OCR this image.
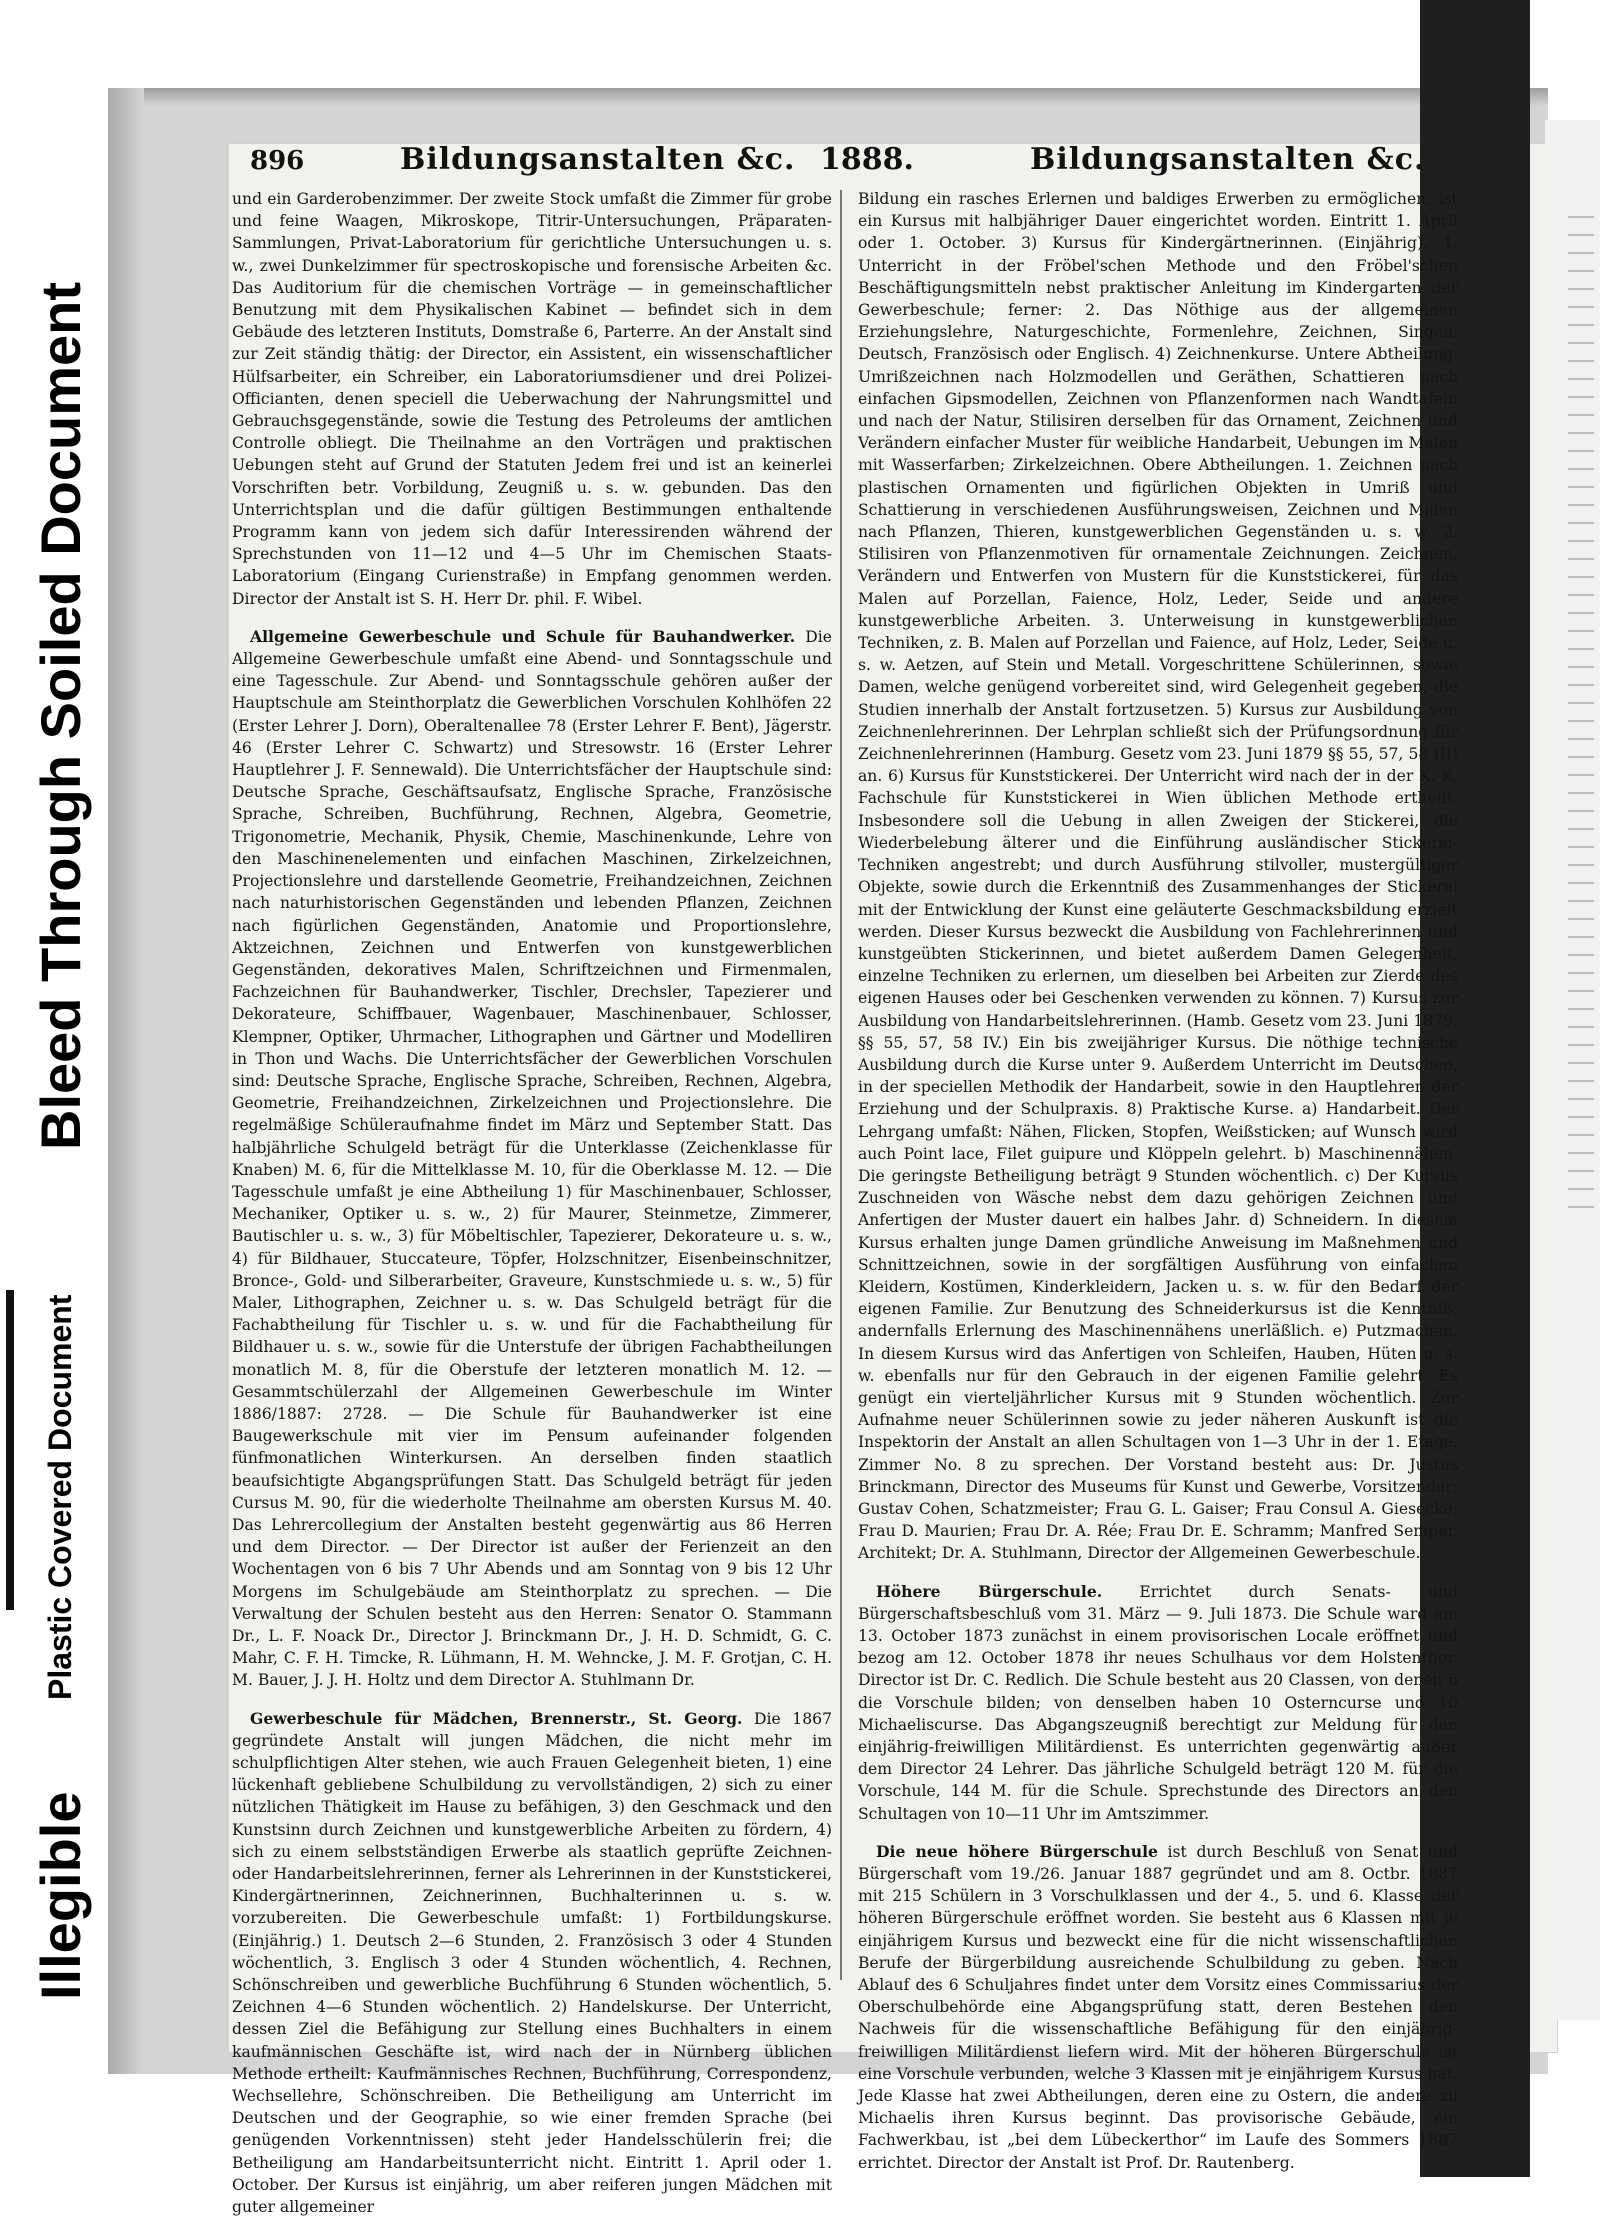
Illegible
Bleed Through Soiled Document
Plastic Covered Document
896	Bildungsanstalten &c. 1888.	Bildungsanstalten &c.

und ein Garderobenzimmer. Der zweite Stock umfaßt die Zimmer für grobe und feine Waagen, Mikroskope, Titrir-Untersuchungen, Präparaten-Sammlungen, Privat-Laboratorium für gerichtliche Untersuchungen u. s. w., zwei Dunkelzimmer für spectroskopische und forensische Arbeiten &c. Das Auditorium für die chemischen Vorträge — in gemeinschaftlicher Benutzung mit dem Physikalischen Kabinet — befindet sich in dem Gebäude des letzteren Instituts, Domstraße 6, Parterre. An der Anstalt sind zur Zeit ständig thätig: der Director, ein Assistent, ein wissenschaftlicher Hülfsarbeiter, ein Schreiber, ein Laboratoriumsdiener und drei Polizei-Officianten, denen speciell die Ueberwachung der Nahrungsmittel und Gebrauchsgegenstände, sowie die Testung des Petroleums der amtlichen Controlle obliegt. Die Theilnahme an den Vorträgen und praktischen Uebungen steht auf Grund der Statuten Jedem frei und ist an keinerlei Vorschriften betr. Vorbildung, Zeugniß u. s. w. gebunden. Das den Unterrichtsplan und die dafür gültigen Bestimmungen enthaltende Programm kann von jedem sich dafür Interessirenden während der Sprechstunden von 11—12 und 4—5 Uhr im Chemischen Staats-Laboratorium (Eingang Curienstraße) in Empfang genommen werden. Director der Anstalt ist S. H. Herr Dr. phil. F. Wibel.

Allgemeine Gewerbeschule und Schule für Bauhandwerker. Die Allgemeine Gewerbeschule umfaßt eine Abend- und Sonntagsschule und eine Tagesschule. Zur Abend- und Sonntagsschule gehören außer der Hauptschule am Steinthorplatz die Gewerblichen Vorschulen Kohlhöfen 22 (Erster Lehrer J. Dorn), Oberaltenallee 78 (Erster Lehrer F. Bent), Jägerstr. 46 (Erster Lehrer C. Schwartz) und Stresowstr. 16 (Erster Lehrer Hauptlehrer J. F. Sennewald). Die Unterrichtsfächer der Hauptschule sind: Deutsche Sprache, Geschäftsaufsatz, Englische Sprache, Französische Sprache, Schreiben, Buchführung, Rechnen, Algebra, Geometrie, Trigonometrie, Mechanik, Physik, Chemie, Maschinenkunde, Lehre von den Maschinenelementen und einfachen Maschinen, Zirkelzeichnen, Projectionslehre und darstellende Geometrie, Freihandzeichnen, Zeichnen nach naturhistorischen Gegenständen und lebenden Pflanzen, Zeichnen nach figürlichen Gegenständen, Anatomie und Proportionslehre, Aktzeichnen, Zeichnen und Entwerfen von kunstgewerblichen Gegenständen, dekoratives Malen, Schriftzeichnen und Firmenmalen, Fachzeichnen für Bauhandwerker, Tischler, Drechsler, Tapezierer und Dekorateure, Schiffbauer, Wagenbauer, Maschinenbauer, Schlosser, Klempner, Optiker, Uhrmacher, Lithographen und Gärtner und Modelliren in Thon und Wachs. Die Unterrichtsfächer der Gewerblichen Vorschulen sind: Deutsche Sprache, Englische Sprache, Schreiben, Rechnen, Algebra, Geometrie, Freihandzeichnen, Zirkelzeichnen und Projectionslehre. Die regelmäßige Schüleraufnahme findet im März und September Statt. Das halbjährliche Schulgeld beträgt für die Unterklasse (Zeichenklasse für Knaben) M. 6, für die Mittelklasse M. 10, für die Oberklasse M. 12. — Die Tagesschule umfaßt je eine Abtheilung 1) für Maschinenbauer, Schlosser, Mechaniker, Optiker u. s. w., 2) für Maurer, Steinmetze, Zimmerer, Bautischler u. s. w., 3) für Möbeltischler, Tapezierer, Dekorateure u. s. w., 4) für Bildhauer, Stuccateure, Töpfer, Holzschnitzer, Eisenbeinschnitzer, Bronce-, Gold- und Silberarbeiter, Graveure, Kunstschmiede u. s. w., 5) für Maler, Lithographen, Zeichner u. s. w. Das Schulgeld beträgt für die Fachabtheilung für Tischler u. s. w. und für die Fachabtheilung für Bildhauer u. s. w., sowie für die Unterstufe der übrigen Fachabtheilungen monatlich M. 8, für die Oberstufe der letzteren monatlich M. 12. — Gesammtschülerzahl der Allgemeinen Gewerbeschule im Winter 1886/1887: 2728. — Die Schule für Bauhandwerker ist eine Baugewerkschule mit vier im Pensum aufeinander folgenden fünfmonatlichen Winterkursen. An derselben finden staatlich beaufsichtigte Abgangsprüfungen Statt. Das Schulgeld beträgt für jeden Cursus M. 90, für die wiederholte Theilnahme am obersten Kursus M. 40. Das Lehrercollegium der Anstalten besteht gegenwärtig aus 86 Herren und dem Director. — Der Director ist außer der Ferienzeit an den Wochentagen von 6 bis 7 Uhr Abends und am Sonntag von 9 bis 12 Uhr Morgens im Schulgebäude am Steinthorplatz zu sprechen. — Die Verwaltung der Schulen besteht aus den Herren: Senator O. Stammann Dr., L. F. Noack Dr., Director J. Brinckmann Dr., J. H. D. Schmidt, G. C. Mahr, C. F. H. Timcke, R. Lühmann, H. M. Wehncke, J. M. F. Grotjan, C. H. M. Bauer, J. J. H. Holtz und dem Director A. Stuhlmann Dr.

Gewerbeschule für Mädchen, Brennerstr., St. Georg. Die 1867 gegründete Anstalt will jungen Mädchen, die nicht mehr im schulpflichtigen Alter stehen, wie auch Frauen Gelegenheit bieten, 1) eine lückenhaft gebliebene Schulbildung zu vervollständigen, 2) sich zu einer nützlichen Thätigkeit im Hause zu befähigen, 3) den Geschmack und den Kunstsinn durch Zeichnen und kunstgewerbliche Arbeiten zu fördern, 4) sich zu einem selbstständigen Erwerbe als staatlich geprüfte Zeichnen- oder Handarbeitslehrerinnen, ferner als Lehrerinnen in der Kunststickerei, Kindergärtnerinnen, Zeichnerinnen, Buchhalterinnen u. s. w. vorzubereiten. Die Gewerbeschule umfaßt: 1) Fortbildungskurse. (Einjährig.) 1. Deutsch 2—6 Stunden, 2. Französisch 3 oder 4 Stunden wöchentlich, 3. Englisch 3 oder 4 Stunden wöchentlich, 4. Rechnen, Schönschreiben und gewerbliche Buchführung 6 Stunden wöchentlich, 5. Zeichnen 4—6 Stunden wöchentlich. 2) Handelskurse. Der Unterricht, dessen Ziel die Befähigung zur Stellung eines Buchhalters in einem kaufmännischen Geschäfte ist, wird nach der in Nürnberg üblichen Methode ertheilt: Kaufmännisches Rechnen, Buchführung, Correspondenz, Wechsellehre, Schönschreiben. Die Betheiligung am Unterricht im Deutschen und der Geographie, so wie einer fremden Sprache (bei genügenden Vorkenntnissen) steht jeder Handelsschülerin frei; die Betheiligung am Handarbeitsunterricht nicht. Eintritt 1. April oder 1. October. Der Kursus ist einjährig, um aber reiferen jungen Mädchen mit guter allgemeiner

Bildung ein rasches Erlernen und baldiges Erwerben zu ermöglichen, ist ein Kursus mit halbjähriger Dauer eingerichtet worden. Eintritt 1. April oder 1. October. 3) Kursus für Kindergärtnerinnen. (Einjährig). 1. Unterricht in der Fröbel'schen Methode und den Fröbel'schen Beschäftigungsmitteln nebst praktischer Anleitung im Kindergarten der Gewerbeschule; ferner: 2. Das Nöthige aus der allgemeinen Erziehungslehre, Naturgeschichte, Formenlehre, Zeichnen, Singen, Deutsch, Französisch oder Englisch. 4) Zeichnenkurse. Untere Abtheilung. Umrißzeichnen nach Holzmodellen und Geräthen, Schattieren nach einfachen Gipsmodellen, Zeichnen von Pflanzenformen nach Wandtafeln und nach der Natur, Stilisiren derselben für das Ornament, Zeichnen und Verändern einfacher Muster für weibliche Handarbeit, Uebungen im Malen mit Wasserfarben; Zirkelzeichnen. Obere Abtheilungen. 1. Zeichnen nach plastischen Ornamenten und figürlichen Objekten in Umriß und Schattierung in verschiedenen Ausführungsweisen, Zeichnen und Malen nach Pflanzen, Thieren, kunstgewerblichen Gegenständen u. s. w. 2. Stilisiren von Pflanzenmotiven für ornamentale Zeichnungen. Zeichnen, Verändern und Entwerfen von Mustern für die Kunststickerei, für das Malen auf Porzellan, Faience, Holz, Leder, Seide und andere kunstgewerbliche Arbeiten. 3. Unterweisung in kunstgewerblichen Techniken, z. B. Malen auf Porzellan und Faience, auf Holz, Leder, Seide u. s. w. Aetzen, auf Stein und Metall. Vorgeschrittene Schülerinnen, sowie Damen, welche genügend vorbereitet sind, wird Gelegenheit gegeben, die Studien innerhalb der Anstalt fortzusetzen. 5) Kursus zur Ausbildung von Zeichnenlehrerinnen. Der Lehrplan schließt sich der Prüfungsordnung für Zeichnenlehrerinnen (Hamburg. Gesetz vom 23. Juni 1879 §§ 55, 57, 58 III) an. 6) Kursus für Kunststickerei. Der Unterricht wird nach der in der K. K. Fachschule für Kunststickerei in Wien üblichen Methode ertheilt. Insbesondere soll die Uebung in allen Zweigen der Stickerei, die Wiederbelebung älterer und die Einführung ausländischer Stickerei-Techniken angestrebt; und durch Ausführung stilvoller, mustergültiger Objekte, sowie durch die Erkenntniß des Zusammenhanges der Stickerei mit der Entwicklung der Kunst eine geläuterte Geschmacksbildung erzielt werden. Dieser Kursus bezweckt die Ausbildung von Fachlehrerinnen und kunstgeübten Stickerinnen, und bietet außerdem Damen Gelegenheit, einzelne Techniken zu erlernen, um dieselben bei Arbeiten zur Zierde des eigenen Hauses oder bei Geschenken verwenden zu können. 7) Kursus zur Ausbildung von Handarbeitslehrerinnen. (Hamb. Gesetz vom 23. Juni 1879, §§ 55, 57, 58 IV.) Ein bis zweijähriger Kursus. Die nöthige technische Ausbildung durch die Kurse unter 9. Außerdem Unterricht im Deutschen, in der speciellen Methodik der Handarbeit, sowie in den Hauptlehren der Erziehung und der Schulpraxis. 8) Praktische Kurse. a) Handarbeit. Der Lehrgang umfaßt: Nähen, Flicken, Stopfen, Weißsticken; auf Wunsch wird auch Point lace, Filet guipure und Klöppeln gelehrt. b) Maschinennähen. Die geringste Betheiligung beträgt 9 Stunden wöchentlich. c) Der Kursus Zuschneiden von Wäsche nebst dem dazu gehörigen Zeichnen und Anfertigen der Muster dauert ein halbes Jahr. d) Schneidern. In diesem Kursus erhalten junge Damen gründliche Anweisung im Maßnehmen und Schnittzeichnen, sowie in der sorgfältigen Ausführung von einfachen Kleidern, Kostümen, Kinderkleidern, Jacken u. s. w. für den Bedarf der eigenen Familie. Zur Benutzung des Schneiderkursus ist die Kenntniß, andernfalls Erlernung des Maschinennähens unerläßlich. e) Putzmachen. In diesem Kursus wird das Anfertigen von Schleifen, Hauben, Hüten u. s. w. ebenfalls nur für den Gebrauch in der eigenen Familie gelehrt. Es genügt ein vierteljährlicher Kursus mit 9 Stunden wöchentlich. Zur Aufnahme neuer Schülerinnen sowie zu jeder näheren Auskunft ist die Inspektorin der Anstalt an allen Schultagen von 1—3 Uhr in der 1. Etage, Zimmer No. 8 zu sprechen. Der Vorstand besteht aus: Dr. Justus Brinckmann, Director des Museums für Kunst und Gewerbe, Vorsitzender; Gustav Cohen, Schatzmeister; Frau G. L. Gaiser; Frau Consul A. Giesecke; Frau D. Maurien; Frau Dr. A. Rée; Frau Dr. E. Schramm; Manfred Semper, Architekt; Dr. A. Stuhlmann, Director der Allgemeinen Gewerbeschule.

Höhere Bürgerschule. Errichtet durch Senats- und Bürgerschaftsbeschluß vom 31. März — 9. Juli 1873. Die Schule ward am 13. October 1873 zunächst in einem provisorischen Locale eröffnet und bezog am 12. October 1878 ihr neues Schulhaus vor dem Holstenthor. Director ist Dr. C. Redlich. Die Schule besteht aus 20 Classen, von denen 6 die Vorschule bilden; von denselben haben 10 Osterncurse und 10 Michaeliscurse. Das Abgangszeugniß berechtigt zur Meldung für den einjährig-freiwilligen Militärdienst. Es unterrichten gegenwärtig außer dem Director 24 Lehrer. Das jährliche Schulgeld beträgt 120 M. für die Vorschule, 144 M. für die Schule. Sprechstunde des Directors an den Schultagen von 10—11 Uhr im Amtszimmer.

Die neue höhere Bürgerschule ist durch Beschluß von Senat und Bürgerschaft vom 19./26. Januar 1887 gegründet und am 8. Octbr. 1887 mit 215 Schülern in 3 Vorschulklassen und der 4., 5. und 6. Klasse der höheren Bürgerschule eröffnet worden. Sie besteht aus 6 Klassen mit je einjährigem Kursus und bezweckt eine für die nicht wissenschaftlichen Berufe der Bürgerbildung ausreichende Schulbildung zu geben. Nach Ablauf des 6 Schuljahres findet unter dem Vorsitz eines Commissarius der Oberschulbehörde eine Abgangsprüfung statt, deren Bestehen den Nachweis für die wissenschaftliche Befähigung für den einjährig-freiwilligen Militärdienst liefern wird. Mit der höheren Bürgerschule ist eine Vorschule verbunden, welche 3 Klassen mit je einjährigem Kursus hat. Jede Klasse hat zwei Abtheilungen, deren eine zu Ostern, die andere zu Michaelis ihren Kursus beginnt. Das provisorische Gebäude, ein Fachwerkbau, ist „bei dem Lübeckerthor“ im Laufe des Sommers 1887 errichtet. Director der Anstalt ist Prof. Dr. Rautenberg.
